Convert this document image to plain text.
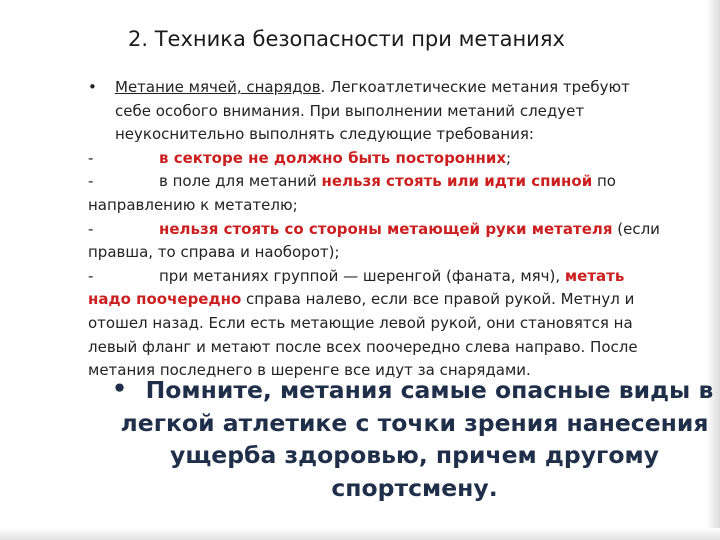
2. Техника безопасности при метаниях
• Метание мячей, снарядов. Легкоатлетические метания требуют
себе особого внимания. При выполнении метаний следует
неукоснительно выполнять следующие требования:
-	в секторе не должно быть посторонних;
-	в поле для метаний нельзя стоять или идти спиной по
направлению к метателю;
-	нельзя стоять со стороны метающей руки метателя (если
правша, то справа и наоборот);
-	при метаниях группой — шеренгой (фаната, мяч), метать
надо поочередно справа налево, если все правой рукой. Метнул и
отошел назад. Если есть метающие левой рукой, они становятся на
левый фланг и метают после всех поочередно слева направо. После
метания последнего в шеренге все идут за снарядами.
• Помните, метания самые опасные виды в
легкой атлетике с точки зрения нанесения
ущерба здоровью, причем другому
спортсмену.
